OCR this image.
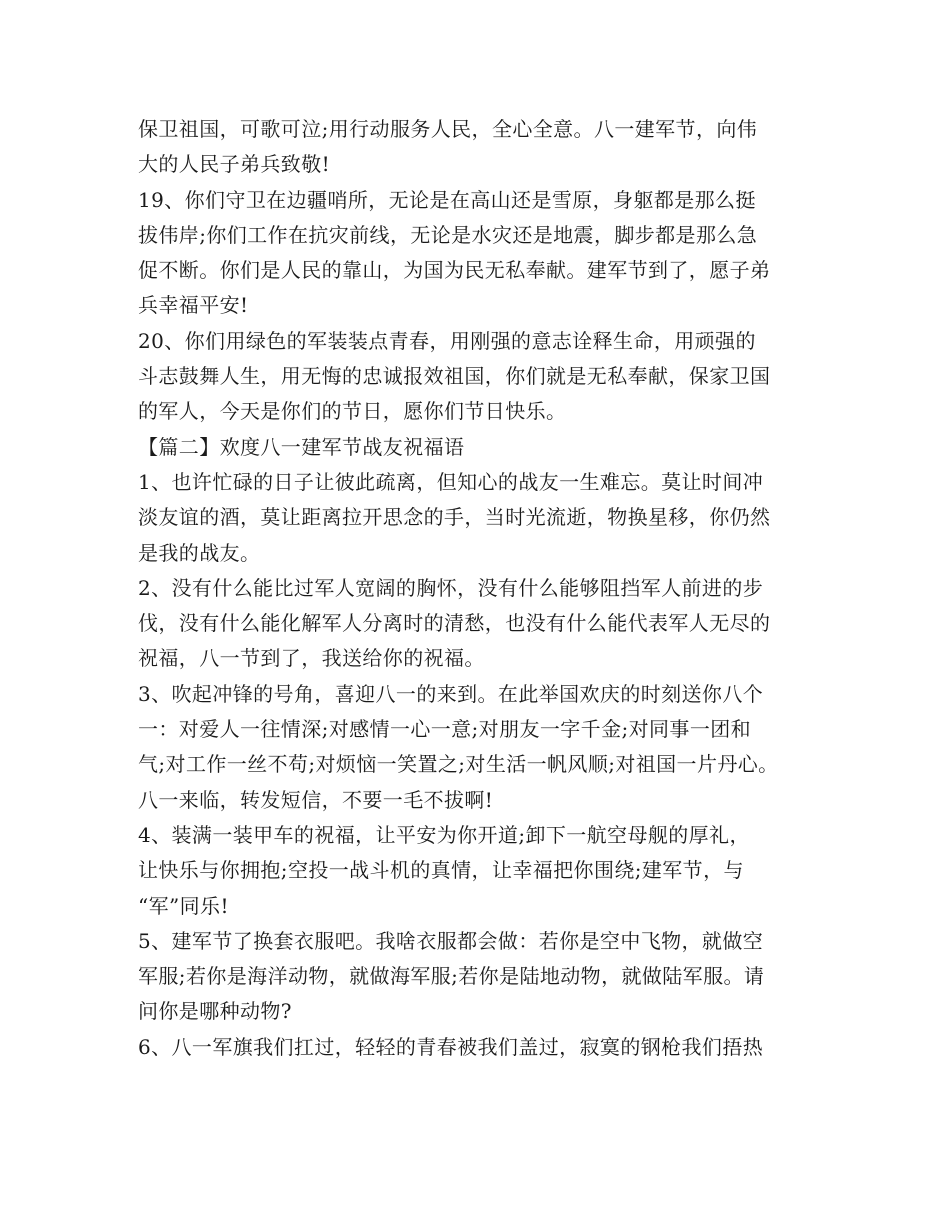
保卫祖国，可歌可泣;用行动服务人民，全心全意。八一建军节，向伟
大的人民子弟兵致敬!
19、你们守卫在边疆哨所，无论是在高山还是雪原，身躯都是那么挺
拔伟岸;你们工作在抗灾前线，无论是水灾还是地震，脚步都是那么急
促不断。你们是人民的靠山，为国为民无私奉献。建军节到了，愿子弟
兵幸福平安!
20、你们用绿色的军装装点青春，用刚强的意志诠释生命，用顽强的
斗志鼓舞人生，用无悔的忠诚报效祖国，你们就是无私奉献，保家卫国
的军人，今天是你们的节日，愿你们节日快乐。
【篇二】欢度八一建军节战友祝福语
1、也许忙碌的日子让彼此疏离，但知心的战友一生难忘。莫让时间冲
淡友谊的酒，莫让距离拉开思念的手，当时光流逝，物换星移，你仍然
是我的战友。
2、没有什么能比过军人宽阔的胸怀，没有什么能够阻挡军人前进的步
伐，没有什么能化解军人分离时的清愁，也没有什么能代表军人无尽的
祝福，八一节到了，我送给你的祝福。
3、吹起冲锋的号角，喜迎八一的来到。在此举国欢庆的时刻送你八个
一：对爱人一往情深;对感情一心一意;对朋友一字千金;对同事一团和
气;对工作一丝不苟;对烦恼一笑置之;对生活一帆风顺;对祖国一片丹心。
八一来临，转发短信，不要一毛不拔啊!
4、装满一装甲车的祝福，让平安为你开道;卸下一航空母舰的厚礼，
让快乐与你拥抱;空投一战斗机的真情，让幸福把你围绕;建军节，与
“军”同乐!
5、建军节了换套衣服吧。我啥衣服都会做：若你是空中飞物，就做空
军服;若你是海洋动物，就做海军服;若你是陆地动物，就做陆军服。请
问你是哪种动物?
6、八一军旗我们扛过，轻轻的青春被我们盖过，寂寞的钢枪我们捂热
